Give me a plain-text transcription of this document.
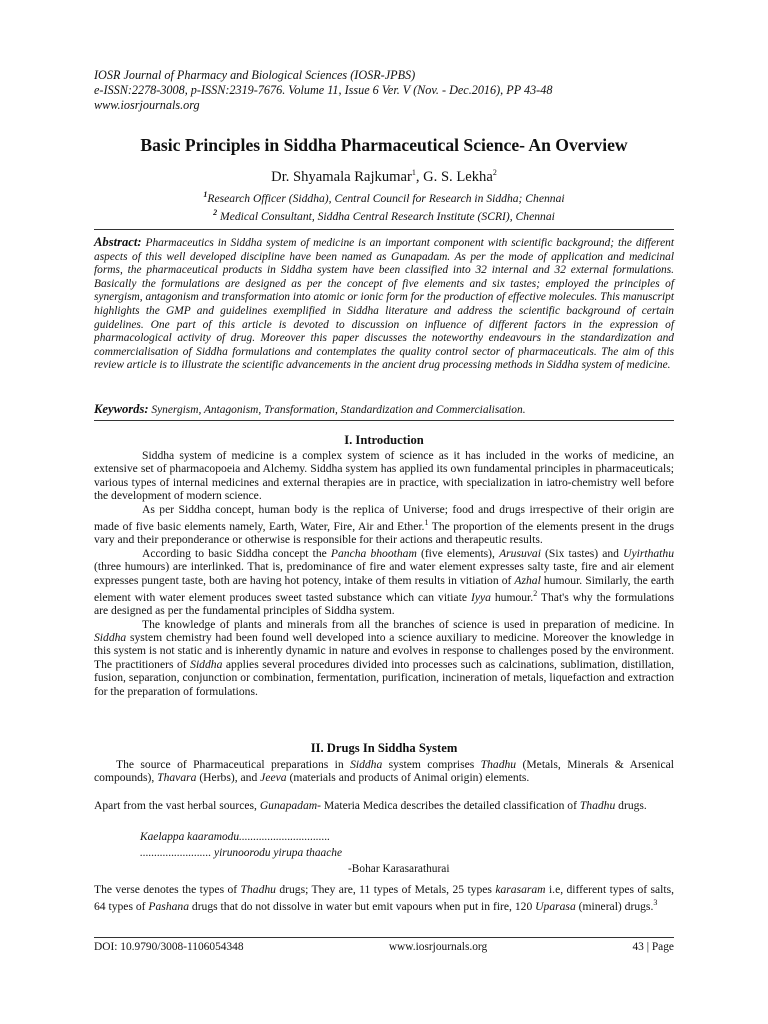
IOSR Journal of Pharmacy and Biological Sciences (IOSR-JPBS)
e-ISSN:2278-3008, p-ISSN:2319-7676. Volume 11, Issue 6 Ver. V (Nov. - Dec.2016), PP 43-48
www.iosrjournals.org
Basic Principles in Siddha Pharmaceutical Science- An Overview
Dr. Shyamala Rajkumar$^1$, G. S. Lekha$^2$
$^1$Research Officer (Siddha), Central Council for Research in Siddha; Chennai
$^2$ Medical Consultant, Siddha Central Research Institute (SCRI), Chennai
Abstract: Pharmaceutics in Siddha system of medicine is an important component with scientific background; the different aspects of this well developed discipline have been named as Gunapadam. As per the mode of application and medicinal forms, the pharmaceutical products in Siddha system have been classified into 32 internal and 32 external formulations. Basically the formulations are designed as per the concept of five elements and six tastes; employed the principles of synergism, antagonism and transformation into atomic or ionic form for the production of effective molecules. This manuscript highlights the GMP and guidelines exemplified in Siddha literature and address the scientific background of certain guidelines. One part of this article is devoted to discussion on influence of different factors in the expression of pharmacological activity of drug. Moreover this paper discusses the noteworthy endeavours in the standardization and commercialisation of Siddha formulations and contemplates the quality control sector of pharmaceuticals. The aim of this review article is to illustrate the scientific advancements in the ancient drug processing methods in Siddha system of medicine.
Keywords: Synergism, Antagonism, Transformation, Standardization and Commercialisation.
I. Introduction

Siddha system of medicine is a complex system of science as it has included in the works of medicine, an extensive set of pharmacopoeia and Alchemy. Siddha system has applied its own fundamental principles in pharmaceuticals; various types of internal medicines and external therapies are in practice, with specialization in iatro-chemistry well before the development of modern science.

As per Siddha concept, human body is the replica of Universe; food and drugs irrespective of their origin are made of five basic elements namely, Earth, Water, Fire, Air and Ether.$^1$ The proportion of the elements present in the drugs vary and their preponderance or otherwise is responsible for their actions and therapeutic results.

According to basic Siddha concept the Pancha bhootham (five elements), Arusuvai (Six tastes) and Uyirthathu (three humours) are interlinked. That is, predominance of fire and water element expresses salty taste, fire and air element expresses pungent taste, both are having hot potency, intake of them results in vitiation of Azhal humour. Similarly, the earth element with water element produces sweet tasted substance which can vitiate Iyya humour.$^2$ That's why the formulations are designed as per the fundamental principles of Siddha system.

The knowledge of plants and minerals from all the branches of science is used in preparation of medicine. In Siddha system chemistry had been found well developed into a science auxiliary to medicine. Moreover the knowledge in this system is not static and is inherently dynamic in nature and evolves in response to challenges posed by the environment. The practitioners of Siddha applies several procedures divided into processes such as calcinations, sublimation, distillation, fusion, separation, conjunction or combination, fermentation, purification, incineration of metals, liquefaction and extraction for the preparation of formulations.

II. Drugs In Siddha System

The source of Pharmaceutical preparations in Siddha system comprises Thadhu (Metals, Minerals & Arsenical compounds), Thavara (Herbs), and Jeeva (materials and products of Animal origin) elements.

Apart from the vast herbal sources, Gunapadam- Materia Medica describes the detailed classification of Thadhu drugs.

Kaelappa kaaramodu................................
......................... yirunoorodu yirupa thaache
-Bohar Karasarathurai

The verse denotes the types of Thadhu drugs; They are, 11 types of Metals, 25 types karasaram i.e, different types of salts, 64 types of Pashana drugs that do not dissolve in water but emit vapours when put in fire, 120 Uparasa (mineral) drugs.$^3$

DOI: 10.9790/3008-1106054348	www.iosrjournals.org	43 | Page
